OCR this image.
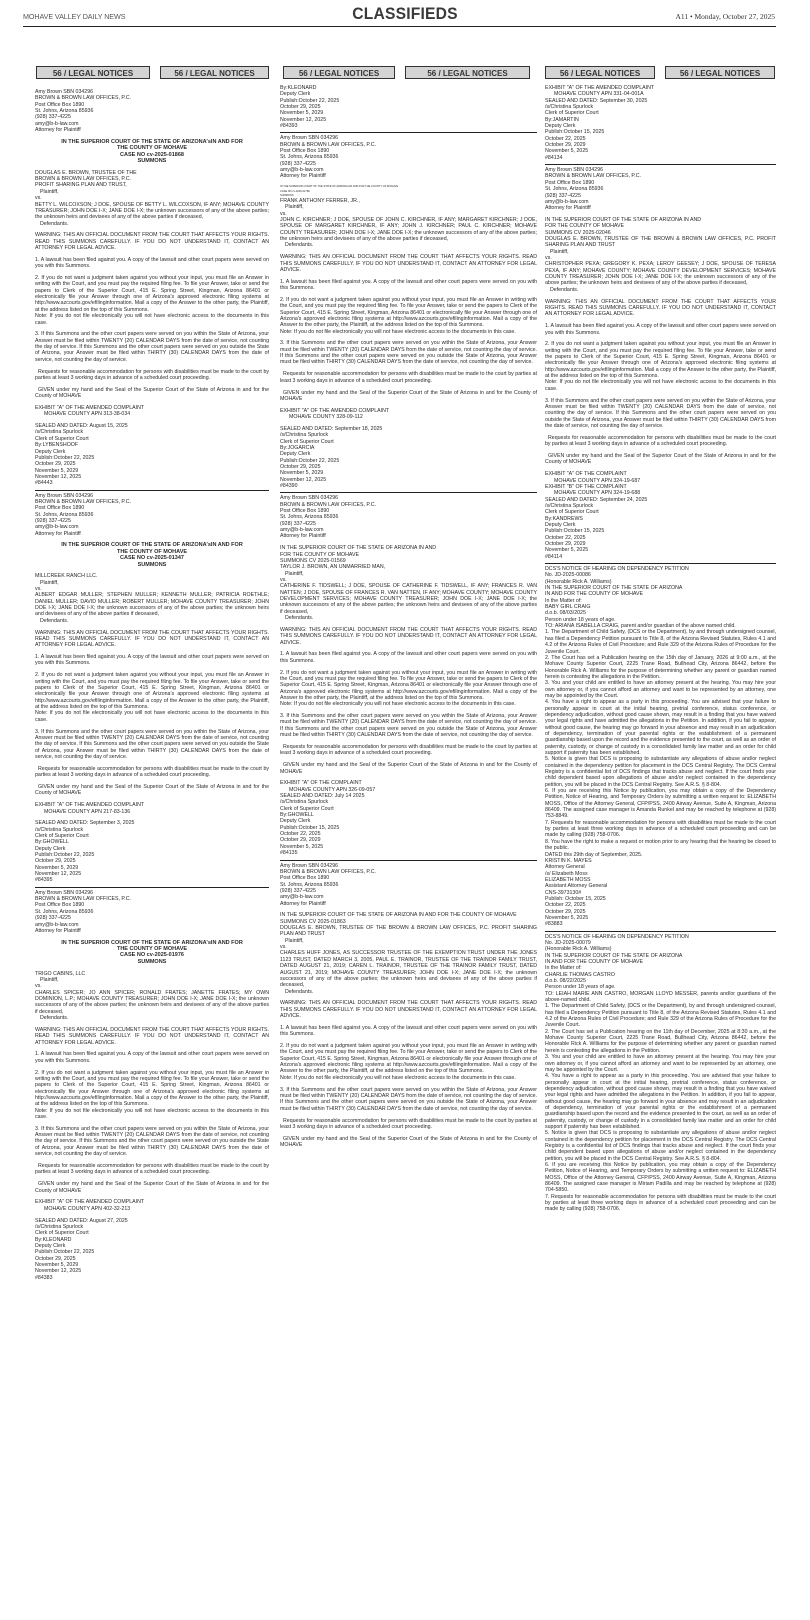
MOHAVE VALLEY DAILY NEWS	CLASSIFIEDS	A11 • Monday, October 27, 2025
56 / LEGAL NOTICES	56 / LEGAL NOTICES	56 / LEGAL NOTICES	56 / LEGAL NOTICES	56 / LEGAL NOTICES	56 / LEGAL NOTICES
Amy Brown SBN 034296
BROWN & BROWN LAW OFFICES, P.C.
Post Office Box 1890
St. Johns, Arizona 85936
(928) 337-4225
amy@b-b-law.com
Attorney for Plaintiff
IN THE SUPERIOR COURT OF THE STATE OF ARIZONA'sIN AND FOR
THE COUNTY OF MOHAVE
CASE NO cv-2025-01868
SUMMONS
DOUGLAS E. BROWN, TRUSTEE OF THE
BROWN & BROWN LAW OFFICES, P.C.
PROFIT SHARING PLAN AND TRUST,
Plaintiff,
vs.
BETTY L. WILCOXSON; J DOE, SPOUSE OF BETTY L. WILCOXSON, IF ANY; MOHAVE COUNTY TREASURER; JOHN DOE I-X; JANE DOE I-X; the unknown successors of any of the above parties; the unknown heirs and devisees of any of the above parties if deceased,
Defendants.
WARNING: THIS AN OFFICIAL DOCUMENT FROM THE COURT THAT AFFECTS YOUR RIGHTS. READ THIS SUMMONS CAREFULLY. IF YOU DO NOT UNDERSTAND IT, CONTACT AN ATTORNEY FOR LEGAL ADVICE.
1. A lawsuit has been filed against you. A copy of the lawsuit and other court papers were served on you with this Summons.
2. If you do not want a judgment taken against you without your input, you must file an Answer in writing with the Court, and you must pay the required filing fee. To file your Answer, take or send the papers to Clerk of the Superior Court, 415 E. Spring Street, Kingman, Arizona 86401 or electronically file your Answer through one of Arizona's approved electronic filing systems at http://www.azcourts.gov/efilinginformation. Mail a copy of the Answer to the other party, the Plaintiff, at the address listed on the top of this Summons.
Note: If you do not file electronically you will not have electronic access to the documents in this case.
3. If this Summons and the other court papers were served on you within the State of Arizona, your Answer must be filed within TWENTY (20) CALENDAR DAYS from the date of service, not counting the day of service. If this Summons and the other court papers were served on you outside the State of Arizona, your Answer must be filed within THIRTY (30) CALENDAR DAYS from the date of service, not counting the day of service.
Requests for reasonable accommodation for persons with disabilities must be made to the court by parties at least 3 working days in advance of a scheduled court proceeding.
GIVEN under my hand and the Seal of the Superior Court of the State of Arizona in and for the County of MOHAVE
EXHIBIT "A" OF THE AMENDED COMPLAINT
MOHAVE COUNTY APN 313-38-034
SEALED AND DATED: August 15, 2025
/s/Christina Spurlock
Clerk of Superior Court
By:LYBENSHOOF
Deputy Clerk
Publish:October 22, 2025
October 29, 2025
November 5, 2029
November 12, 2025
#84443
Amy Brown SBN 034296
BROWN & BROWN LAW OFFICES, P.C.
Post Office Box 1890
St. Johns, Arizona 85936
(928) 337-4225
amy@b-b-law.com
Attorney for Plaintiff
IN THE SUPERIOR COURT OF THE STATE OF ARIZONA'sIN AND FOR
THE COUNTY OF MOHAVE
CASE NO cv-2025-01347
SUMMONS
MILLCREEK RANCH LLC.
Plaintiff,
vs.
ALBERT EDGAR MULLER; STEPHEN MULLER; KENNETH MULLER; PATRICIA ROETHLE; DANIEL MULLER; DAVID MULLER; ROBERT MULLER; MOHAVE COUNTY TREASURER; JOHN DOE I-X; JANE DOE I-X; the unknown successors of any of the above parties; the unknown heirs and devisees of any of the above parties if deceased,
Defendants.
WARNING: THIS AN OFFICIAL DOCUMENT FROM THE COURT THAT AFFECTS YOUR RIGHTS. READ THIS SUMMONS CAREFULLY. IF YOU DO NOT UNDERSTAND IT, CONTACT AN ATTORNEY FOR LEGAL ADVICE.
1. A lawsuit has been filed against you. A copy of the lawsuit and other court papers were served on you with this Summons.
2. If you do not want a judgment taken against you without your input, you must file an Answer in writing with the Court, and you must pay the required filing fee. To file your Answer, take or send the papers to Clerk of the Superior Court, 415 E. Spring Street, Kingman, Arizona 86401 or electronically file your Answer through one of Arizona's approved electronic filing systems at http://www.azcourts.gov/efilinginformation. Mail a copy of the Answer to the other party, the Plaintiff, at the address listed on the top of this Summons.
Note: If you do not file electronically you will not have electronic access to the documents in this case.
3. If this Summons and the other court papers were served on you within the State of Arizona, your Answer must be filed within TWENTY (20) CALENDAR DAYS from the date of service, not counting the day of service. If this Summons and the other court papers were served on you outside the State of Arizona, your Answer must be filed within THIRTY (30) CALENDAR DAYS from the date of service, not counting the day of service.
Requests for reasonable accommodation for persons with disabilities must be made to the court by parties at least 3 working days in advance of a scheduled court proceeding.
GIVEN under my hand and the Seal of the Superior Court of the State of Arizona in and for the County of MOHAVE
EXHIBIT "A" OF THE AMENDED COMPLAINT
MOHAVE COUNTY APN 217-83-136
SEALED AND DATED: September 3, 2025
/s/Christina Spurlock
Clerk of Superior Court
By:GHOWELL
Deputy Clerk
Publish:October 22, 2025
October 29, 2025
November 5, 2029
November 12, 2025
#84395
Amy Brown SBN 034296
BROWN & BROWN LAW OFFICES, P.C.
Post Office Box 1890
St. Johns, Arizona 85936
(928) 337-4225
amy@b-b-law.com
Attorney for Plaintiff
IN THE SUPERIOR COURT OF THE STATE OF ARIZONA'sIN AND FOR
THE COUNTY OF MOHAVE
CASE NO cv-2025-01976
SUMMONS
TRIGO CABINS, LLC
Plaintiff,
vs.
CHARLES SPICER; JO ANN SPICER; RONALD FRATES; JANETTE FRATES; MY OWN DOMINION, L.P.; MOHAVE COUNTY TREASURER; JOHN DOE I-X; JANE DOE I-X; the unknown successors of any of the above parties; the unknown heirs and devisees of any of the above parties if deceased,
Defendants.
WARNING: THIS AN OFFICIAL DOCUMENT FROM THE COURT THAT AFFECTS YOUR RIGHTS. READ THIS SUMMONS CAREFULLY. IF YOU DO NOT UNDERSTAND IT, CONTACT AN ATTORNEY FOR LEGAL ADVICE.
1. A lawsuit has been filed against you. A copy of the lawsuit and other court papers were served on you with this Summons.
2. If you do not want a judgment taken against you without your input, you must file an Answer in writing with the Court, and you must pay the required filing fee. To file your Answer, take or send the papers to Clerk of the Superior Court, 415 E. Spring Street, Kingman, Arizona 86401 or electronically file your Answer through one of Arizona's approved electronic filing systems at http://www.azcourts.gov/efilinginformation. Mail a copy of the Answer to the other party, the Plaintiff, at the address listed on the top of this Summons.
Note: If you do not file electronically you will not have electronic access to the documents in this case.
3. If this Summons and the other court papers were served on you within the State of Arizona, your Answer must be filed within TWENTY (20) CALENDAR DAYS from the date of service, not counting the day of service. If this Summons and the other court papers were served on you outside the State of Arizona, your Answer must be filed within THIRTY (30) CALENDAR DAYS from the date of service, not counting the day of service.
Requests for reasonable accommodation for persons with disabilities must be made to the court by parties at least 3 working days in advance of a scheduled court proceeding.
GIVEN under my hand and the Seal of the Superior Court of the State of Arizona in and for the County of MOHAVE
EXHIBIT "A" OF THE AMENDED COMPLAINT
MOHAVE COUNTY APN 402-32-213
SEALED AND DATED: August 27, 2025
/s/Christina Spurlock
Clerk of Superior Court
By:KLEONARD
Deputy Clerk
Publish:October 22, 2025
October 29, 2025
November 5, 2029
November 12, 2025
#84383
By:KLEONARD
Deputy Clerk
Publish:October 22, 2025
October 29, 2025
November 5, 2029
November 12, 2025
#84393
Amy Brown SBN 034296
BROWN & BROWN LAW OFFICES, P.C.
Post Office Box 1890
St. Johns, Arizona 85936
(928) 337-4225
amy@b-b-law.com
Attorney for Plaintiff
IN THE SUPERIOR COURT OF THE STATE OF ARIZONA'sIN AND FOR THE COUNTY OF MOHAVE
CASE NO cv-2025-01789
SUMMONS
FRANK ANTHONY FERRER, JR.,
Plaintiff,
vs.
JOHN C. KIRCHNER; J DOE, SPOUSE OF JOHN C. KIRCHNER, IF ANY; MARGARET KIRCHNER; J DOE, SPOUSE OF MARGARET KIRCHNER, IF ANY; JOHN J. KIRCHNER; PAUL C. KIRCHNER; MOHAVE COUNTY TREASURER; JOHN DOE I-X; JANE DOE I-X; the unknown successors of any of the above parties; the unknown heirs and devisees of any of the above parties if deceased,
Defendants.
WARNING: THIS AN OFFICIAL DOCUMENT FROM THE COURT THAT AFFECTS YOUR RIGHTS. READ THIS SUMMONS CAREFULLY. IF YOU DO NOT UNDERSTAND IT, CONTACT AN ATTORNEY FOR LEGAL ADVICE.
1. A lawsuit has been filed against you. A copy of the lawsuit and other court papers were served on you with this Summons.
2. If you do not want a judgment taken against you without your input, you must file an Answer in writing with the Court, and you must pay the required filing fee. To file your Answer, take or send the papers to Clerk of the Superior Court, 415 E. Spring Street, Kingman, Arizona 86401 or electronically file your Answer through one of Arizona's approved electronic filing systems at http://www.azcourts.gov/efilinginformation. Mail a copy of the Answer to the other party, the Plaintiff, at the address listed on the top of this Summons.
Note: If you do not file electronically you will not have electronic access to the documents in this case.
3. If this Summons and the other court papers were served on you within the State of Arizona, your Answer must be filed within TWENTY (20) CALENDAR DAYS from the date of service, not counting the day of service. If this Summons and the other court papers were served on you outside the State of Arizona, your Answer must be filed within THIRTY (30) CALENDAR DAYS from the date of service, not counting the day of service.
Requests for reasonable accommodation for persons with disabilities must be made to the court by parties at least 3 working days in advance of a scheduled court proceeding.
GIVEN under my hand and the Seal of the Superior Court of the State of Arizona in and for the County of MOHAVE
EXHIBIT "A" OF THE AMENDED COMPLAINT
MOHAVE COUNTY 328-09-112
SEALED AND DATED: September 18, 2025
/s/Christina Spurlock
Clerk of Superior Court
By:JOGARCIA
Deputy Clerk
Publish:October 22, 2025
October 29, 2025
November 5, 2029
November 12, 2025
#84390
Amy Brown SBN 034296
BROWN & BROWN LAW OFFICES, P.C.
Post Office Box 1890
St. Johns, Arizona 85936
(928) 337-4225
amy@b-b-law.com
Attorney for Plaintiff
IN THE SUPERIOR COURT OF THE STATE OF ARIZONA IN AND
FOR THE COUNTY OF MOHAVE
SUMMONS CV 2025-01569
TAYLOR J. BROWN, AN UNMARRIED MAN,
Plaintiff,
vs.
CATHERINE F. TIDSWELL; J DOE, SPOUSE OF CATHERINE F. TIDSWELL, IF ANY; FRANCES R. VAN NATTEN; J DOE, SPOUSE OF FRANCES R. VAN NATTEN, IF ANY; MOHAVE COUNTY; MOHAVE COUNTY DEVELOPMENT SERVICES; MOHAVE COUNTY TREASURER; JOHN DOE I-X; JANE DOE I-X; the unknown successors of any of the above parties; the unknown heirs and devisees of any of the above parties if deceased,
Defendants.
WARNING: THIS AN OFFICIAL DOCUMENT FROM THE COURT THAT AFFECTS YOUR RIGHTS. READ THIS SUMMONS CAREFULLY. IF YOU DO NOT UNDERSTAND IT, CONTACT AN ATTORNEY FOR LEGAL ADVICE.
1. A lawsuit has been filed against you. A copy of the lawsuit and other court papers were served on you with this Summons.
2. If you do not want a judgment taken against you without your input, you must file an Answer in writing with the Court, and you must pay the required filing fee. To file your Answer, take or send the papers to Clerk of the Superior Court, 415 E. Spring Street, Kingman, Arizona 86401 or electronically file your Answer through one of Arizona's approved electronic filing systems at http://www.azcourts.gov/efilinginformation. Mail a copy of the Answer to the other party, the Plaintiff, at the address listed on the top of this Summons.
Note: If you do not file electronically you will not have electronic access to the documents in this case.
3. If this Summons and the other court papers were served on you within the State of Arizona, your Answer must be filed within TWENTY (20) CALENDAR DAYS from the date of service, not counting the day of service. If this Summons and the other court papers were served on you outside the State of Arizona, your Answer must be filed within THIRTY (30) CALENDAR DAYS from the date of service, not counting the day of service.
Requests for reasonable accommodation for persons with disabilities must be made to the court by parties at least 3 working days in advance of a scheduled court proceeding.
GIVEN under my hand and the Seal of the Superior Court of the State of Arizona in and for the County of MOHAVE
EXHIBIT "A" OF THE COMPLAINT
MOHAVE COUNTY APN 326-09-057
SEALED AND DATED: July 14 2025
/s/Christina Spurlock
Clerk of Superior Court
By:GHOWELL
Deputy Clerk
Publish:October 15, 2025
October 22, 2025
October 29, 2029
November 5, 2025
#84135
Amy Brown SBN 034296
BROWN & BROWN LAW OFFICES, P.C.
Post Office Box 1890
St. Johns, Arizona 85936
(928) 337-4225
amy@b-b-law.com
Attorney for Plaintiff
IN THE SUPERIOR COURT OF THE STATE OF ARIZONA IN AND FOR THE COUNTY OF MOHAVE
SUMMONS CV 2025-01863
DOUGLAS E. BROWN, TRUSTEE OF THE BROWN & BROWN LAW OFFICES, P.C. PROFIT SHARING PLAN AND TRUST
Plaintiff,
vs.
CHARLES HUFF JONES, AS SUCCESSOR TRUSTEE OF THE EXEMPTION TRUST UNDER THE JONES 1123 TRUST, DATED MARCH 3, 2005, PAUL E. TRAINOR, TRUSTEE OF THE TRAINOR FAMILY TRUST, DATED AUGUST 21, 2019; CAREN L. TRAINOR, TRUSTEE OF THE TRAINOR FAMILY TRUST, DATED AUGUST 21, 2019; MOHAVE COUNTY TREASURER; JOHN DOE I-X; JANE DOE I-X; the unknown successors of any of the above parties; the unknown heirs and devisees of any of the above parties if deceased,
Defendants.
WARNING: THIS AN OFFICIAL DOCUMENT FROM THE COURT THAT AFFECTS YOUR RIGHTS. READ THIS SUMMONS CAREFULLY. IF YOU DO NOT UNDERSTAND IT, CONTACT AN ATTORNEY FOR LEGAL ADVICE.
1. A lawsuit has been filed against you. A copy of the lawsuit and other court papers were served on you with this Summons.
2. If you do not want a judgment taken against you without your input, you must file an Answer in writing with the Court, and you must pay the required filing fee. To file your Answer, take or send the papers to Clerk of the Superior Court, 415 E. Spring Street, Kingman, Arizona 86401 or electronically file your Answer through one of Arizona's approved electronic filing systems at http://www.azcourts.gov/efilinginformation. Mail a copy of the Answer to the other party, the Plaintiff, at the address listed on the top of this Summons.
Note: If you do not file electronically you will not have electronic access to the documents in this case.
3. If this Summons and the other court papers were served on you within the State of Arizona, your Answer must be filed within TWENTY (20) CALENDAR DAYS from the date of service, not counting the day of service. If this Summons and the other court papers were served on you outside the State of Arizona, your Answer must be filed within THIRTY (30) CALENDAR DAYS from the date of service, not counting the day of service.
Requests for reasonable accommodation for persons with disabilities must be made to the court by parties at least 3 working days in advance of a scheduled court proceeding.
GIVEN under my hand and the Seal of the Superior Court of the State of Arizona in and for the County of MOHAVE
EXHIBIT "A" OF THE AMENDED COMPLAINT
MOHAVE COUNTY APN 331-04-001A
SEALED AND DATED: September 30, 2025
/s/Christina Spurlock
Clerk of Superior Court
By:JAMARTIN
Deputy Clerk
Publish:October 15, 2025
October 22, 2025
October 29, 2029
November 5, 2025
#84134
Amy Brown SBN 034296
BROWN & BROWN LAW OFFICES, P.C.
Post Office Box 1890
St. Johns, Arizona 85936
(928) 337-4225
amy@b-b-law.com
Attorney for Plaintiff
IN THE SUPERIOR COURT OF THE STATE OF ARIZONA IN AND
FOR THE COUNTY OF MOHAVE
SUMMONS CV 2025-02046
DOUGLAS E. BROWN, TRUSTEE OF THE BROWN & BROWN LAW OFFICES, P.C. PROFIT SHARING PLAN AND TRUST
Plaintiff,
vs.
CHRISTOPHER PEXA; GREGORY K. PEXA; LEROY GEESEY; J DOE, SPOUSE OF TERESA PEXA, IF ANY; MOHAVE COUNTY; MOHAVE COUNTY DEVELOPMENT SERVICES; MOHAVE COUNTY TREASURER; JOHN DOE I-X; JANE DOE I-X; the unknown successors of any of the above parties; the unknown heirs and devisees of any of the above parties if deceased,
Defendants.
WARNING: THIS AN OFFICIAL DOCUMENT FROM THE COURT THAT AFFECTS YOUR RIGHTS. READ THIS SUMMONS CAREFULLY. IF YOU DO NOT UNDERSTAND IT, CONTACT AN ATTORNEY FOR LEGAL ADVICE.
1. A lawsuit has been filed against you. A copy of the lawsuit and other court papers were served on you with this Summons.
2. If you do not want a judgment taken against you without your input, you must file an Answer in writing with the Court, and you must pay the required filing fee. To file your Answer, take or send the papers to Clerk of the Superior Court, 415 E. Spring Street, Kingman, Arizona 86401 or electronically file your Answer through one of Arizona's approved electronic filing systems at http://www.azcourts.gov/efilinginformation. Mail a copy of the Answer to the other party, the Plaintiff, at the address listed on the top of this Summons.
Note: If you do not file electronically you will not have electronic access to the documents in this case.
3. If this Summons and the other court papers were served on you within the State of Arizona, your Answer must be filed within TWENTY (20) CALENDAR DAYS from the date of service, not counting the day of service. If this Summons and the other court papers were served on you outside the State of Arizona, your Answer must be filed within THIRTY (30) CALENDAR DAYS from the date of service, not counting the day of service.
Requests for reasonable accommodation for persons with disabilities must be made to the court by parties at least 3 working days in advance of a scheduled court proceeding.
GIVEN under my hand and the Seal of the Superior Court of the State of Arizona in and for the County of MOHAVE
EXHIBIT "A" OF THE COMPLAINT
MOHAVE COUNTY APN 324-19-687
EXHIBIT "B" OF THE COMPLAINT
MOHAVE COUNTY APN 324-19-688
SEALED AND DATED: September 24, 2025
/s/Christina Spurlock
Clerk of Superior Court
By:KANDREWS
Deputy Clerk
Publish:October 15, 2025
October 22, 2025
October 29, 2029
November 5, 2025
#84114
DCS'S NOTICE OF HEARING ON DEPENDENCY PETITION
No. JD-2025-00086
(Honorable Rick A. Williams)
IN THE SUPERIOR COURT OF THE STATE OF ARIZONA
IN AND FOR THE COUNTY OF MOHAVE
In the Matter of:
BABY GIRL CRAIG
d.o.b. 08/03/2025
Person under 18 years of age.
TO: ARIANA ISABELLA CRAIG, parent and/or guardian of the above named child.
1. The Department of Child Safety, (DCS or the Department), by and through undersigned counsel, has filed a Dependency Petition pursuant to Title 8, of the Arizona Revised Statutes, Rules 4.1 and 4.2 of the Arizona Rules of Civil Procedure; and Rule 329 of the Arizona Rules of Procedure for the Juvenile Court.
2. The Court has set a Publication hearing on the 15th day of January, 2026 at 9:00 a.m., at the Mohave County Superior Court, 2225 Trane Road, Bullhead City, Arizona 86442, before the Honorable Rick A. Williams for the purpose of determining whether any parent or guardian named herein is contesting the allegations in the Petition.
3. You and your child are entitled to have an attorney present at the hearing. You may hire your own attorney or, if you cannot afford an attorney and want to be represented by an attorney, one may be appointed by the Court.
4. You have a right to appear as a party in this proceeding. You are advised that your failure to personally appear in court at the initial hearing, pretrial conference, status conference, or dependency adjudication, without good cause shown, may result in a finding that you have waived your legal rights and have admitted the allegations in the Petition. In addition, if you fail to appear, without good cause, the hearing may go forward in your absence and may result in an adjudication of dependency, termination of your parental rights or the establishment of a permanent guardianship based upon the record and the evidence presented to the court, as well as an order of paternity, custody, or change of custody in a consolidated family law matter and an order for child support if paternity has been established.
5. Notice is given that DCS is proposing to substantiate any allegations of abuse and/or neglect contained in the dependency petition for placement in the DCS Central Registry. The DCS Central Registry is a confidential list of DCS findings that tracks abuse and neglect. If the court finds your child dependent based upon allegations of abuse and/or neglect contained in the dependency petition, you will be placed in the DCS Central Registry. See A.R.S. § 8-804.
6. If you are receiving this Notice by publication, you may obtain a copy of the Dependency Petition, Notice of Hearing, and Temporary Orders by submitting a written request to: ELIZABETH MOSS, Office of the Attorney General, CFP/PSS, 2400 Airway Avenue, Suite A, Kingman, Arizona 86409. The assigned case manager is Amanda Runkel and may be reached by telephone at (928) 753-8849.
7. Requests for reasonable accommodation for persons with disabilities must be made to the court by parties at least three working days in advance of a scheduled court proceeding and can be made by calling (928) 758-0706.
8. You have the right to make a request or motion prior to any hearing that the hearing be closed to the public.
DATED this 29th day of September, 2025.
KRISTIN K. MAYES
Attorney General
/s/ Elizabeth Moss
ELIZABETH MOSS
Assistant Attorney General
CNS-3973130#
Publish: October 15, 2025
October 22, 2025
October 29, 2025
November 5, 2025
#83883
DCS'S NOTICE OF HEARING ON DEPENDENCY PETITION
No. JD-2025-00079
(Honorable Rick A. Williams)
IN THE SUPERIOR COURT OF THE STATE OF ARIZONA
IN AND FOR THE COUNTY OF MOHAVE
In the Matter of:
CHARLIE THOMAS CASTRO
d.o.b. 08/22/2025
Person under 18 years of age.
TO: LEIAH MARIE ANN CASTRO, MORGAN LLOYD MESSER, parents and/or guardians of the above-named child.
1. The Department of Child Safety, (DCS or the Department), by and through undersigned counsel, has filed a Dependency Petition pursuant to Title 8, of the Arizona Revised Statutes, Rules 4.1 and 4.2 of the Arizona Rules of Civil Procedure; and Rule 329 of the Arizona Rules of Procedure for the Juvenile Court.
2. The Court has set a Publication hearing on the 11th day of December, 2025 at 8:30 a.m., at the Mohave County Superior Court, 2225 Trane Road, Bullhead City, Arizona 86442, before the Honorable Rick A. Williams for the purpose of determining whether any parent or guardian named herein is contesting the allegations in the Petition.
3. You and your child are entitled to have an attorney present at the hearing. You may hire your own attorney or, if you cannot afford an attorney and want to be represented by an attorney, one may be appointed by the Court.
4. You have a right to appear as a party in this proceeding. You are advised that your failure to personally appear in court at the initial hearing, pretrial conference, status conference, or dependency adjudication, without good cause shown, may result in a finding that you have waived your legal rights and have admitted the allegations in the Petition. In addition, if you fail to appear, without good cause, the hearing may go forward in your absence and may result in an adjudication of dependency, termination of your parental rights or the establishment of a permanent guardianship based upon the record and the evidence presented to the court, as well as an order of paternity, custody, or change of custody in a consolidated family law matter and an order for child support if paternity has been established.
5. Notice is given that DCS is proposing to substantiate any allegations of abuse and/or neglect contained in the dependency petition for placement in the DCS Central Registry. The DCS Central Registry is a confidential list of DCS findings that tracks abuse and neglect. If the court finds your child dependent based upon allegations of abuse and/or neglect contained in the dependency petition, you will be placed in the DCS Central Registry. See A.R.S. § 8-804.
6. If you are receiving this Notice by publication, you may obtain a copy of the Dependency Petition, Notice of Hearing, and Temporary Orders by submitting a written request to: ELIZABETH MOSS, Office of the Attorney General, CFP/PSS, 2400 Airway Avenue, Suite A, Kingman, Arizona 86409. The assigned case manager is Miriam Padilla and may be reached by telephone at (928) 704-5850.
7. Requests for reasonable accommodation for persons with disabilities must be made to the court by parties at least three working days in advance of a scheduled court proceeding and can be made by calling (928) 758-0706.
